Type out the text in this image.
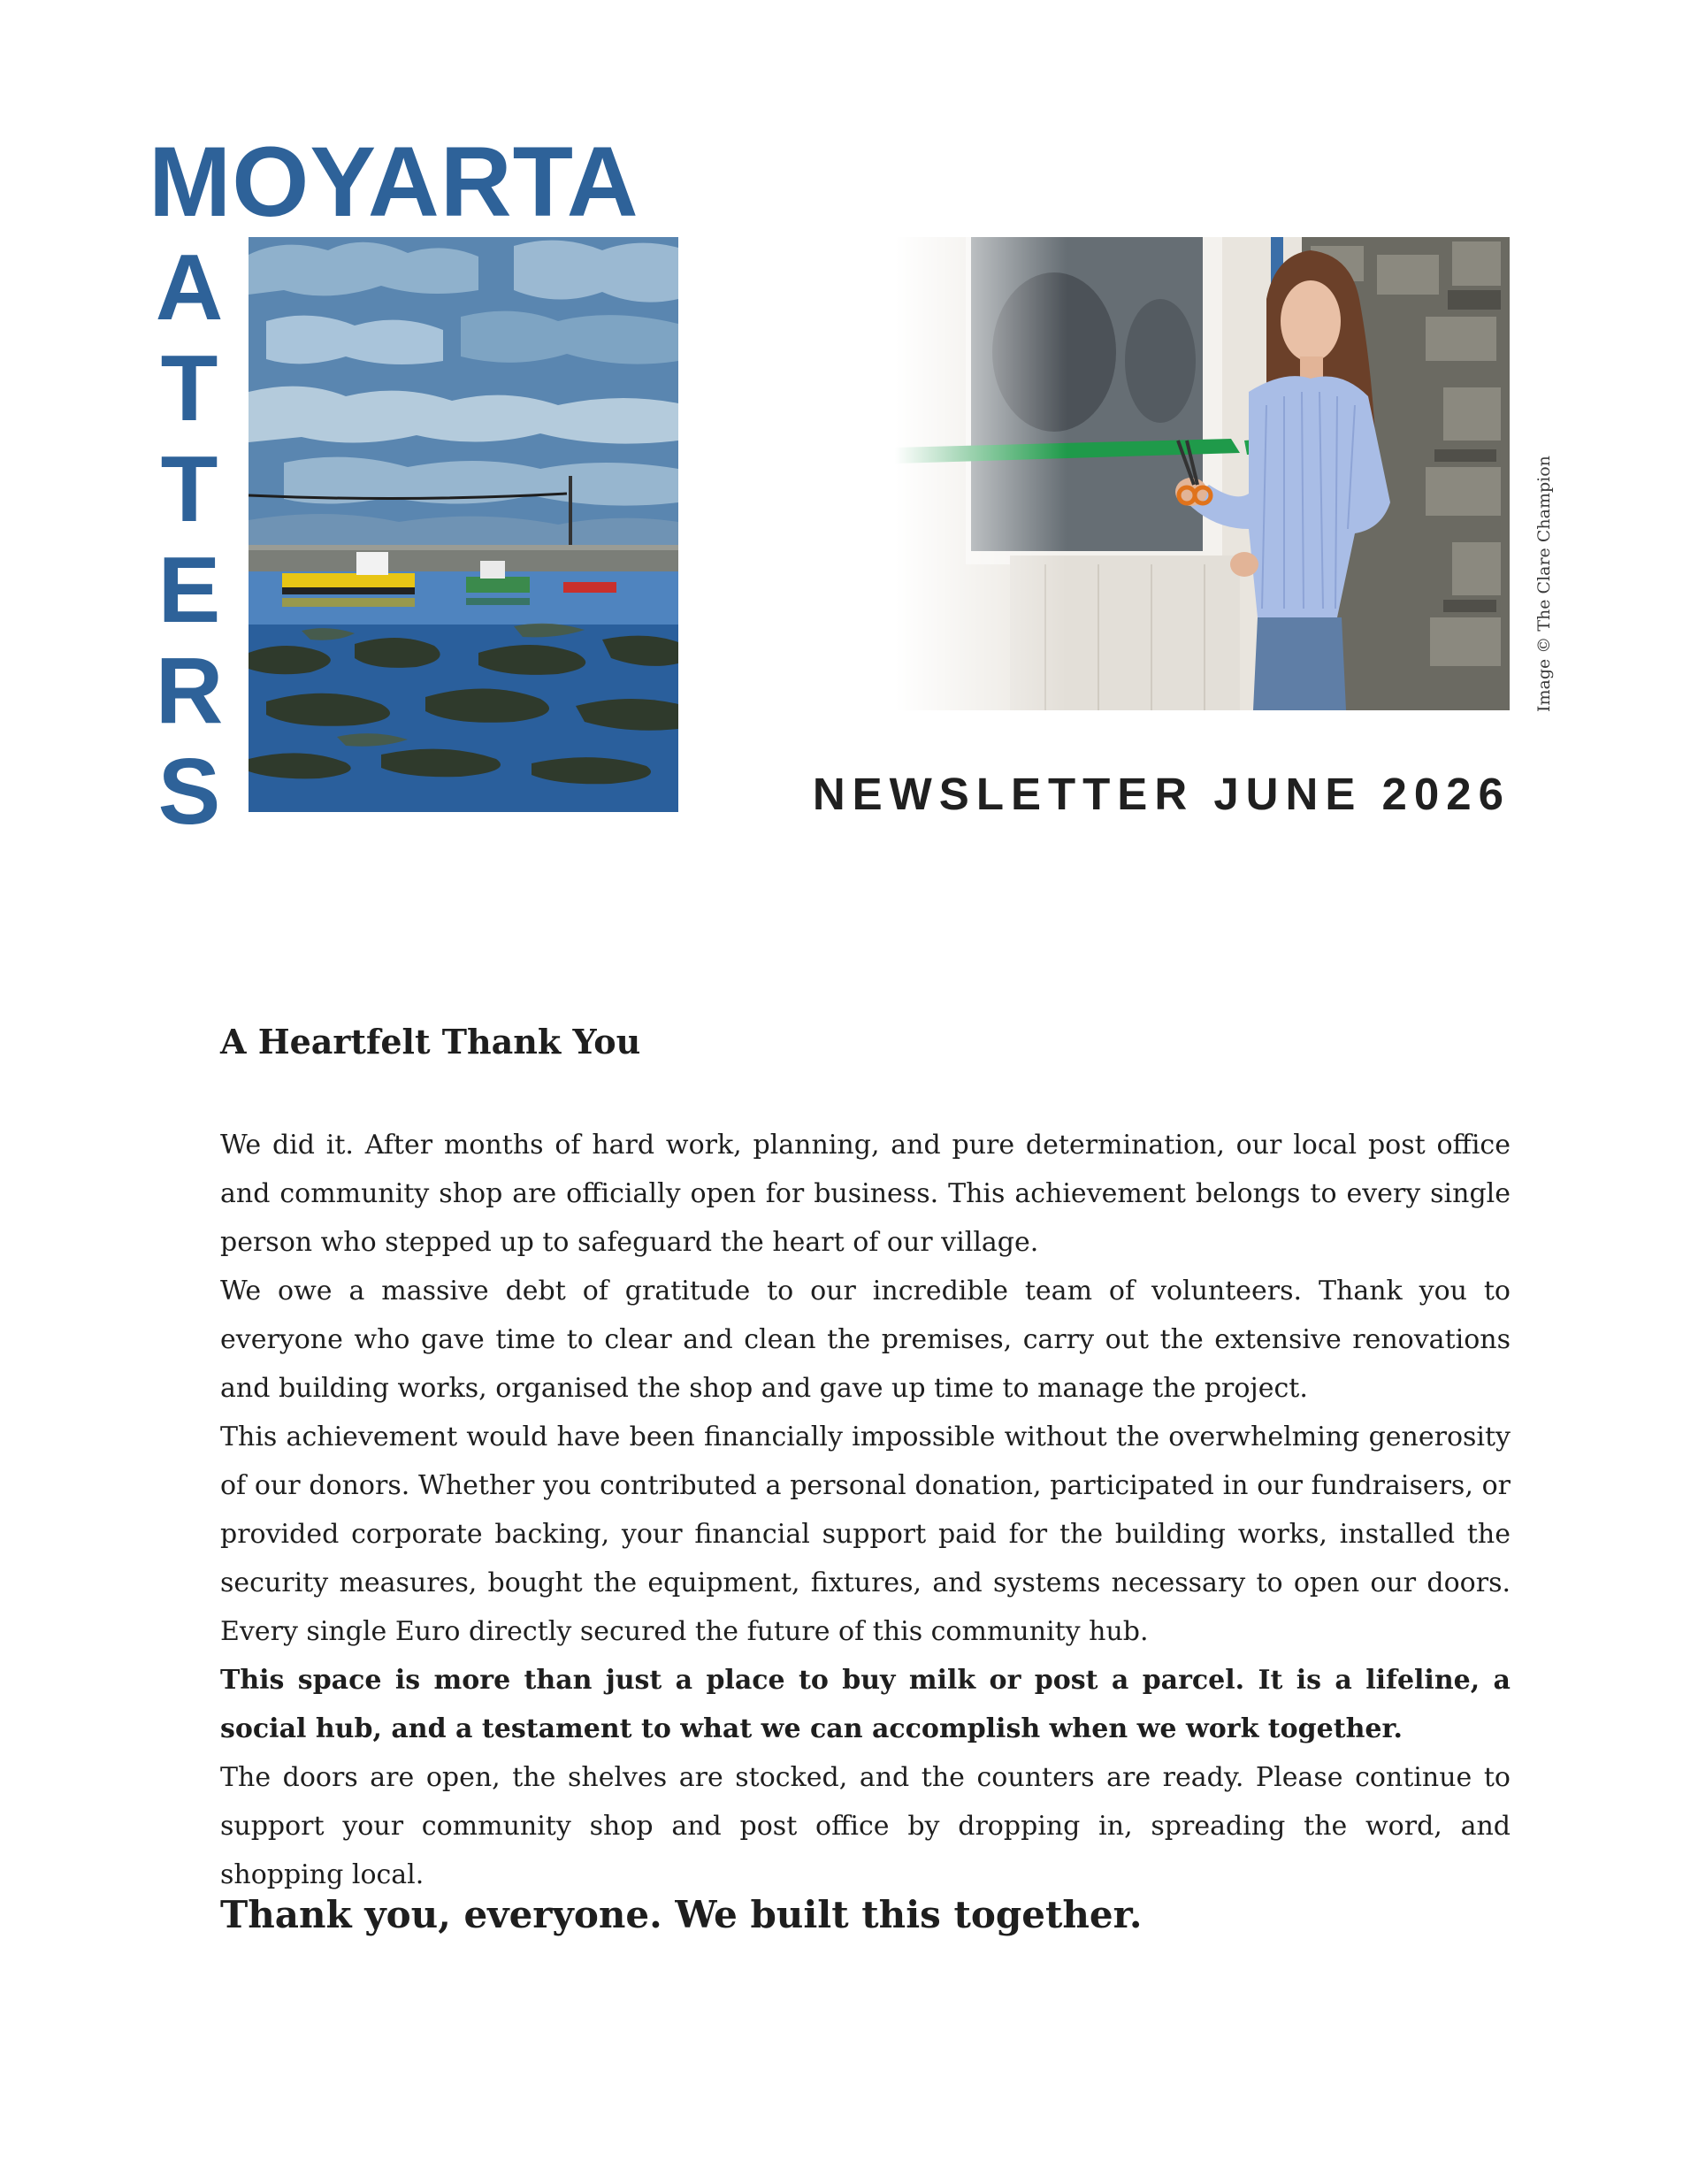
MOYARTA
A
T
T
E
R
S
Image © The Clare Champion
NEWSLETTER JUNE 2026
A Heartfelt Thank You

We did it. After months of hard work, planning, and pure determination, our local post office and community shop are officially open for business. This achievement belongs to every single person who stepped up to safeguard the heart of our village.

We owe a massive debt of gratitude to our incredible team of volunteers. Thank you to everyone who gave time to clear and clean the premises, carry out the extensive renovations and building works, organised the shop and gave up time to manage the project.

This achievement would have been financially impossible without the overwhelming generosity of our donors. Whether you contributed a personal donation, participated in our fundraisers, or provided corporate backing, your financial support paid for the building works, installed the security measures, bought the equipment, fixtures, and systems necessary to open our doors. Every single Euro directly secured the future of this community hub.

This space is more than just a place to buy milk or post a parcel. It is a lifeline, a social hub, and a testament to what we can accomplish when we work together.

The doors are open, the shelves are stocked, and the counters are ready. Please continue to support your community shop and post office by dropping in, spreading the word, and shopping local.

Thank you, everyone. We built this together.
